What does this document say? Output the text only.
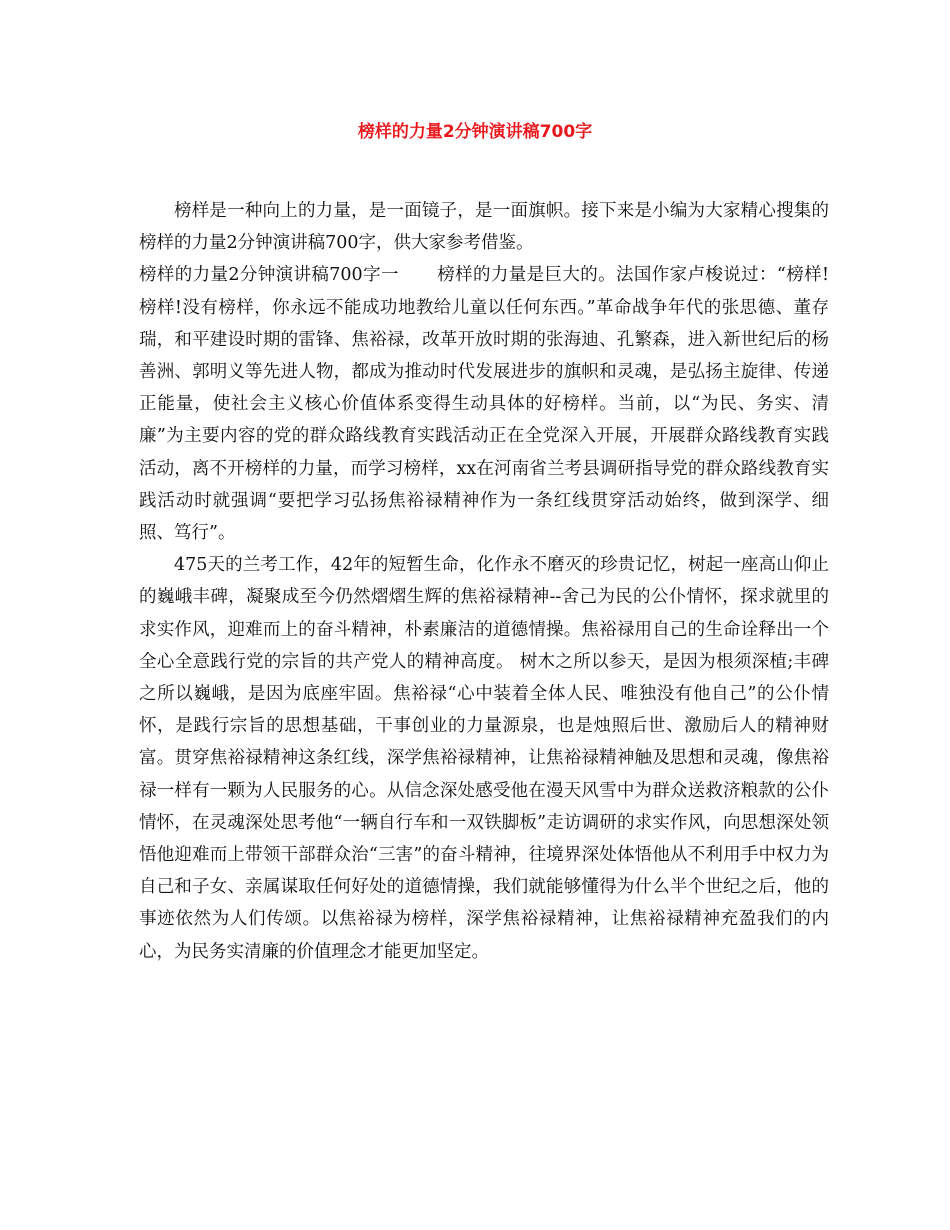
榜样的力量2分钟演讲稿700字

榜样是一种向上的力量，是一面镜子，是一面旗帜。接下来是小编为大家精心搜集的榜样的力量2分钟演讲稿700字，供大家参考借鉴。

榜样的力量2分钟演讲稿700字一 榜样的力量是巨大的。法国作家卢梭说过：“榜样!榜样!没有榜样，你永远不能成功地教给儿童以任何东西。”革命战争年代的张思德、董存瑞，和平建设时期的雷锋、焦裕禄，改革开放时期的张海迪、孔繁森，进入新世纪后的杨善洲、郭明义等先进人物，都成为推动时代发展进步的旗帜和灵魂，是弘扬主旋律、传递正能量，使社会主义核心价值体系变得生动具体的好榜样。当前，以“为民、务实、清廉”为主要内容的党的群众路线教育实践活动正在全党深入开展，开展群众路线教育实践活动，离不开榜样的力量，而学习榜样，xx在河南省兰考县调研指导党的群众路线教育实践活动时就强调“要把学习弘扬焦裕禄精神作为一条红线贯穿活动始终，做到深学、细照、笃行”。

475天的兰考工作，42年的短暂生命，化作永不磨灭的珍贵记忆，树起一座高山仰止的巍峨丰碑，凝聚成至今仍然熠熠生辉的焦裕禄精神--舍己为民的公仆情怀，探求就里的求实作风，迎难而上的奋斗精神，朴素廉洁的道德情操。焦裕禄用自己的生命诠释出一个全心全意践行党的宗旨的共产党人的精神高度。 树木之所以参天，是因为根须深植;丰碑之所以巍峨，是因为底座牢固。焦裕禄“心中装着全体人民、唯独没有他自己”的公仆情怀，是践行宗旨的思想基础，干事创业的力量源泉，也是烛照后世、激励后人的精神财富。贯穿焦裕禄精神这条红线，深学焦裕禄精神，让焦裕禄精神触及思想和灵魂，像焦裕禄一样有一颗为人民服务的心。从信念深处感受他在漫天风雪中为群众送救济粮款的公仆情怀，在灵魂深处思考他“一辆自行车和一双铁脚板”走访调研的求实作风，向思想深处领悟他迎难而上带领干部群众治“三害”的奋斗精神，往境界深处体悟他从不利用手中权力为自己和子女、亲属谋取任何好处的道德情操，我们就能够懂得为什么半个世纪之后，他的事迹依然为人们传颂。以焦裕禄为榜样，深学焦裕禄精神，让焦裕禄精神充盈我们的内心，为民务实清廉的价值理念才能更加坚定。
